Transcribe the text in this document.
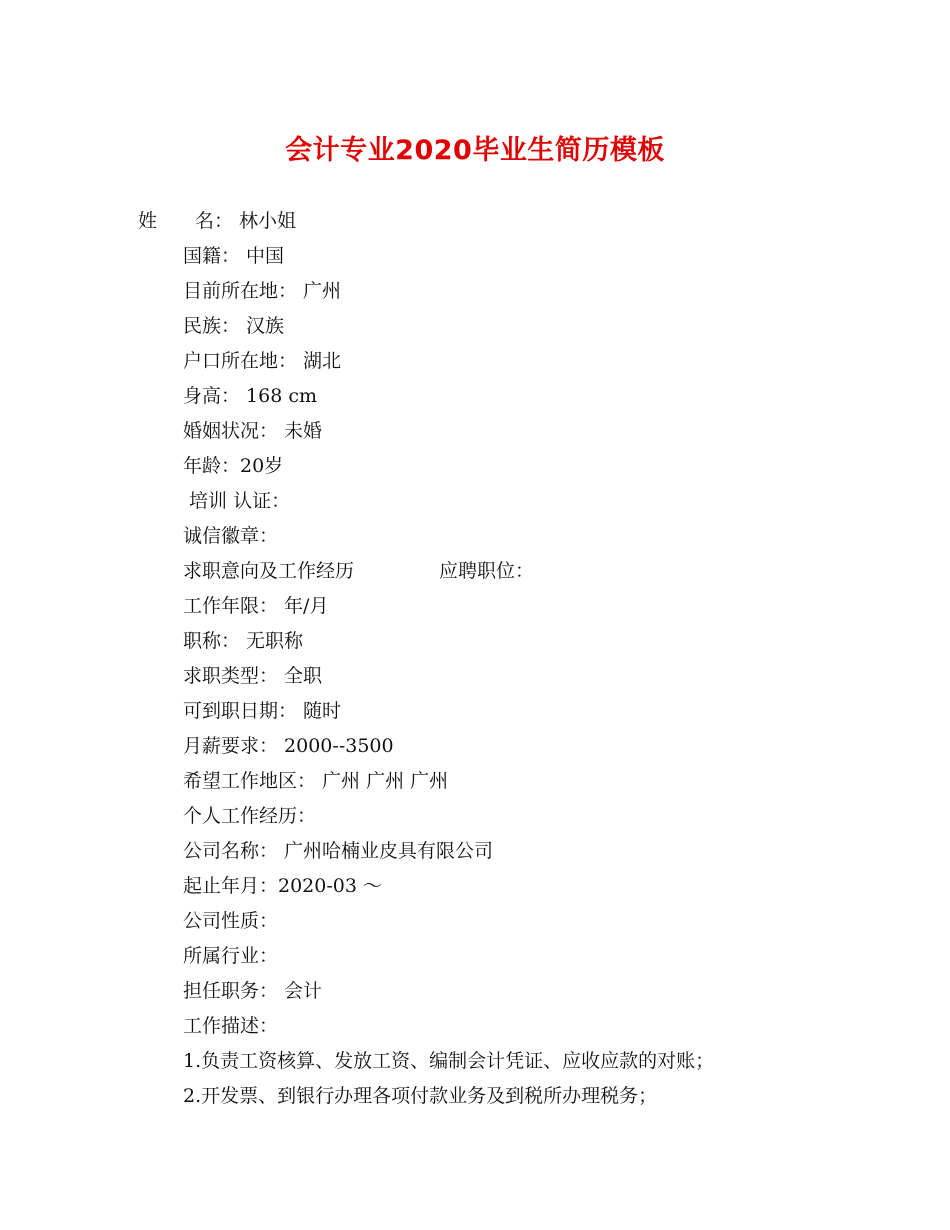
会计专业2020毕业生简历模板
姓　　名： 林小姐
国籍： 中国
目前所在地： 广州
民族： 汉族
户口所在地： 湖北
身高： 168 cm
婚姻状况： 未婚
年龄：20岁
培训 认证：
诚信徽章：
求职意向及工作经历	应聘职位：
工作年限： 年/月
职称： 无职称
求职类型： 全职
可到职日期： 随时
月薪要求： 2000--3500
希望工作地区： 广州 广州 广州
个人工作经历：
公司名称： 广州哈楠业皮具有限公司
起止年月：2020-03 ～
公司性质：
所属行业：
担任职务： 会计
工作描述：
1.负责工资核算、发放工资、编制会计凭证、应收应款的对账；
2.开发票、到银行办理各项付款业务及到税所办理税务；
